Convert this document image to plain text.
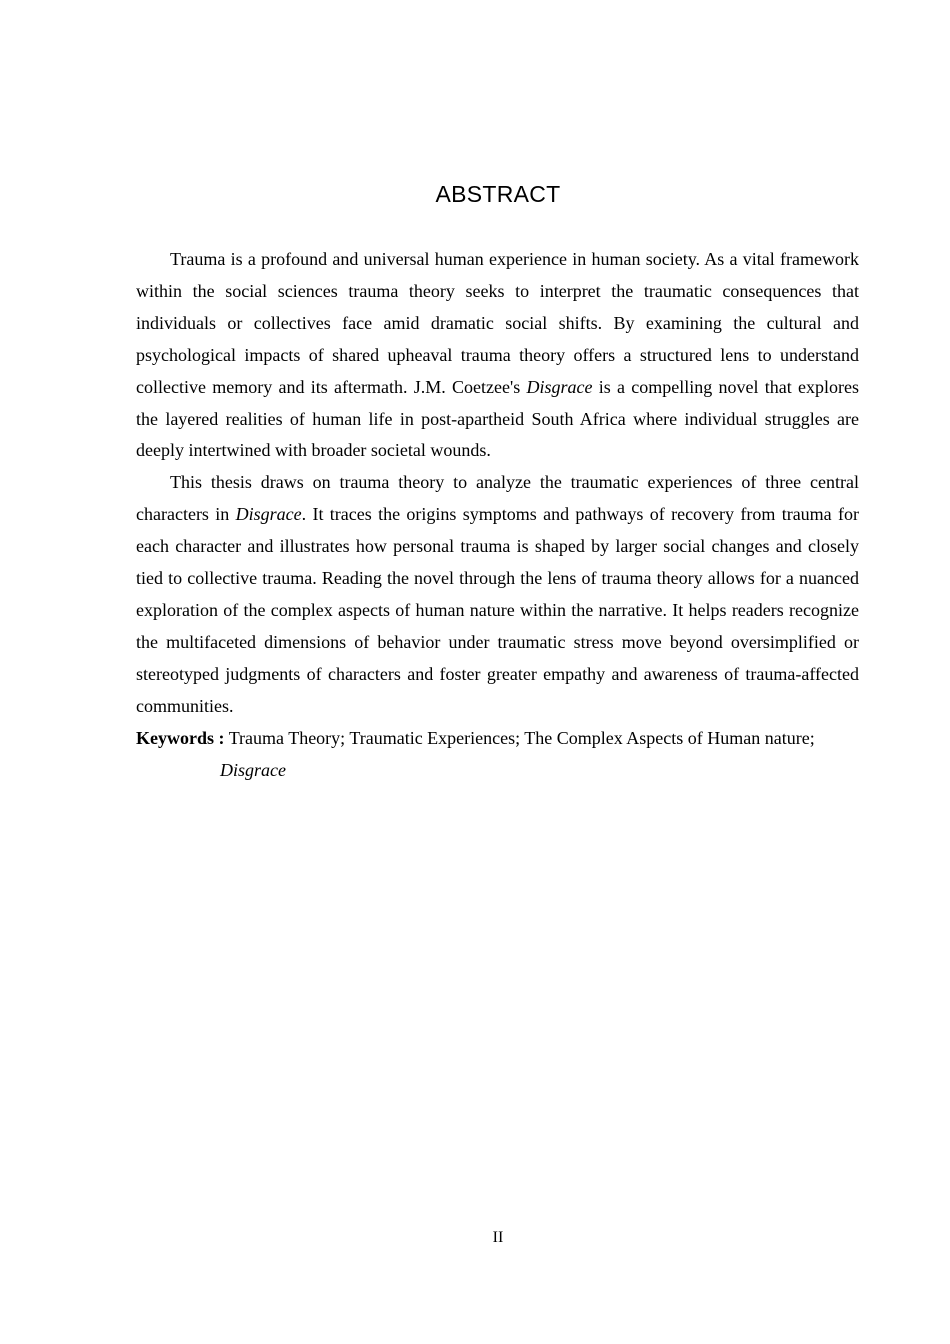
ABSTRACT

Trauma is a profound and universal human experience in human society. As a vital framework within the social sciences trauma theory seeks to interpret the traumatic consequences that individuals or collectives face amid dramatic social shifts. By examining the cultural and psychological impacts of shared upheaval trauma theory offers a structured lens to understand collective memory and its aftermath. J.M. Coetzee's Disgrace is a compelling novel that explores the layered realities of human life in post-apartheid South Africa where individual struggles are deeply intertwined with broader societal wounds.

This thesis draws on trauma theory to analyze the traumatic experiences of three central characters in Disgrace. It traces the origins symptoms and pathways of recovery from trauma for each character and illustrates how personal trauma is shaped by larger social changes and closely tied to collective trauma. Reading the novel through the lens of trauma theory allows for a nuanced exploration of the complex aspects of human nature within the narrative. It helps readers recognize the multifaceted dimensions of behavior under traumatic stress move beyond oversimplified or stereotyped judgments of characters and foster greater empathy and awareness of trauma-affected communities.

Keywords : Trauma Theory; Traumatic Experiences; The Complex Aspects of Human nature;

Disgrace

II
